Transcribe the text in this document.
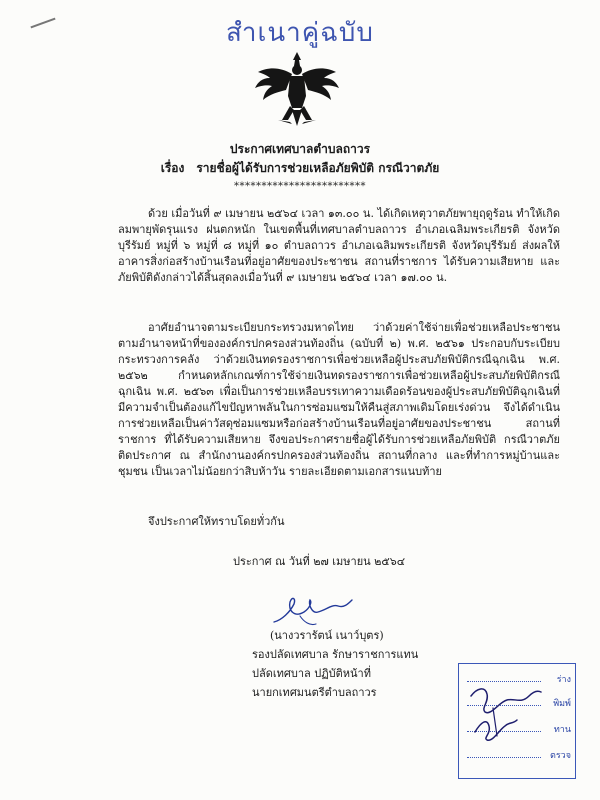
สำเนาคู่ฉบับ
ประกาศเทศบาลตำบลถาวร
เรื่อง รายชื่อผู้ได้รับการช่วยเหลือภัยพิบัติ กรณีวาตภัย
************************

ด้วย เมื่อวันที่ ๙ เมษายน ๒๕๖๔ เวลา ๑๓.๐๐ น. ได้เกิดเหตุวาตภัยพายุฤดูร้อน ทำให้เกิดลมพายุพัดรุนแรง ฝนตกหนัก ในเขตพื้นที่เทศบาลตำบลถาวร อำเภอเฉลิมพระเกียรติ จังหวัดบุรีรัมย์ หมู่ที่ ๖ หมู่ที่ ๘ หมู่ที่ ๑๐ ตำบลถาวร อำเภอเฉลิมพระเกียรติ จังหวัดบุรีรัมย์ ส่งผลให้อาคารสิ่งก่อสร้างบ้านเรือนที่อยู่อาศัยของประชาชน สถานที่ราชการ ได้รับความเสียหาย และภัยพิบัติดังกล่าวได้สิ้นสุดลงเมื่อวันที่ ๙ เมษายน ๒๕๖๔ เวลา ๑๗.๐๐ น.

อาศัยอำนาจตามระเบียบกระทรวงมหาดไทย ว่าด้วยค่าใช้จ่ายเพื่อช่วยเหลือประชาชนตามอำนาจหน้าที่ขององค์กรปกครองส่วนท้องถิ่น (ฉบับที่ ๒) พ.ศ. ๒๕๖๑ ประกอบกับระเบียบกระทรวงการคลัง ว่าด้วยเงินทดรองราชการเพื่อช่วยเหลือผู้ประสบภัยพิบัติกรณีฉุกเฉิน พ.ศ. ๒๕๖๒ กำหนดหลักเกณฑ์การใช้จ่ายเงินทดรองราชการเพื่อช่วยเหลือผู้ประสบภัยพิบัติกรณีฉุกเฉิน พ.ศ. ๒๕๖๓ เพื่อเป็นการช่วยเหลือบรรเทาความเดือดร้อนของผู้ประสบภัยพิบัติฉุกเฉินที่มีความจำเป็นต้องแก้ไขปัญหาพลันในการซ่อมแซมให้คืนสู่สภาพเดิมโดยเร่งด่วน จึงได้ดำเนินการช่วยเหลือเป็นค่าวัสดุซ่อมแซมหรือก่อสร้างบ้านเรือนที่อยู่อาศัยของประชาชน สถานที่ราชการ ที่ได้รับความเสียหาย จึงขอประกาศรายชื่อผู้ได้รับการช่วยเหลือภัยพิบัติ กรณีวาตภัย ติดประกาศ ณ สำนักงานองค์กรปกครองส่วนท้องถิ่น สถานที่กลาง และที่ทำการหมู่บ้านและชุมชน เป็นเวลาไม่น้อยกว่าสิบห้าวัน รายละเอียดตามเอกสารแนบท้าย

จึงประกาศให้ทราบโดยทั่วกัน
ประกาศ ณ วันที่ ๒๗ เมษายน ๒๕๖๔
(นางวรารัตน์ เนาว์บุตร)
รองปลัดเทศบาล รักษาราชการแทน
ปลัดเทศบาล ปฏิบัติหน้าที่
นายกเทศมนตรีตำบลถาวร
ร่าง
พิมพ์
ทาน
ตรวจ
